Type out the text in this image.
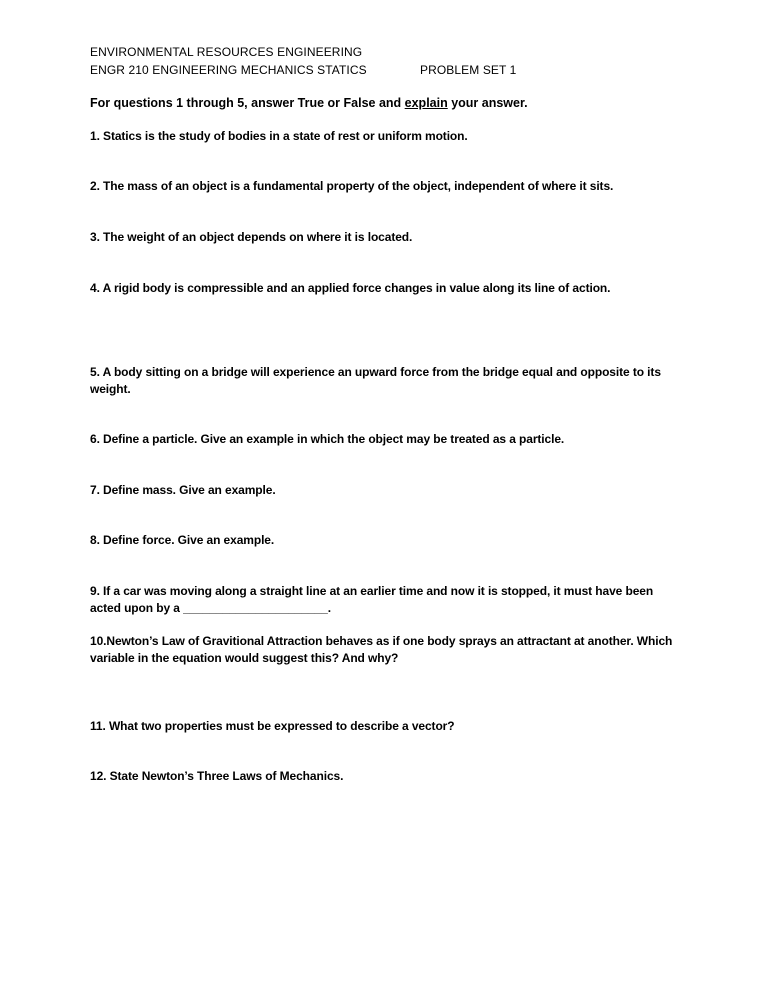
ENVIRONMENTAL RESOURCES ENGINEERING
ENGR 210 ENGINEERING MECHANICS STATICS	PROBLEM SET 1
For questions 1 through 5, answer True or False and explain your answer.
1. Statics is the study of bodies in a state of rest or uniform motion.
2. The mass of an object is a fundamental property of the object, independent of where it sits.
3. The weight of an object depends on where it is located.
4. A rigid body is compressible and an applied force changes in value along its line of action.
5. A body sitting on a bridge will experience an upward force from the bridge equal and opposite to its weight.
6. Define a particle. Give an example in which the object may be treated as a particle.
7. Define mass. Give an example.
8. Define force. Give an example.
9. If a car was moving along a straight line at an earlier time and now it is stopped, it must have been acted upon by a ______________________.
10.Newton’s Law of Gravitional Attraction behaves as if one body sprays an attractant at another. Which variable in the equation would suggest this? And why?
11. What two properties must be expressed to describe a vector?
12. State Newton’s Three Laws of Mechanics.
